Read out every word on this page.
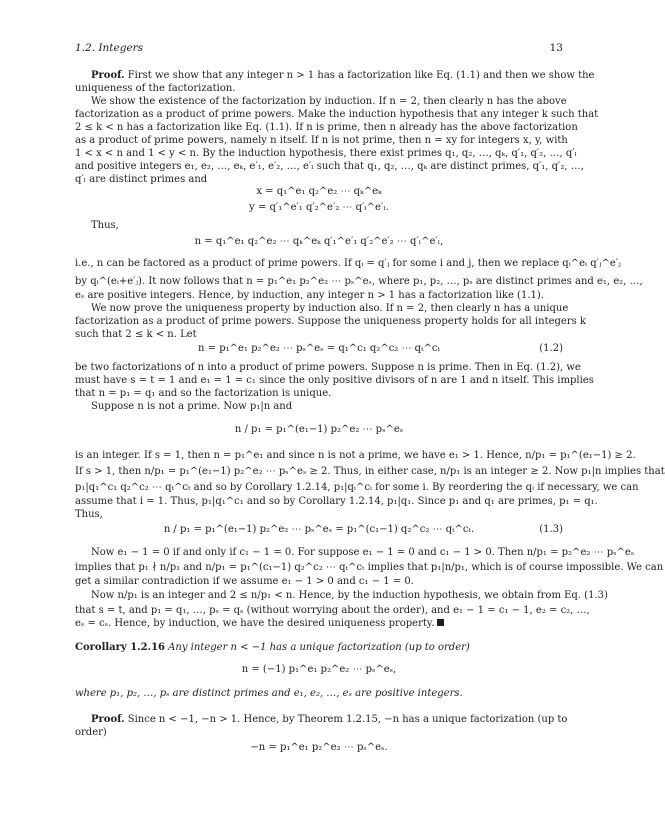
1.2. Integers	13
Proof. First we show that any integer n > 1 has a factorization like Eq. (1.1) and then we show the
uniqueness of the factorization.
We show the existence of the factorization by induction. If n = 2, then clearly n has the above
factorization as a product of prime powers. Make the induction hypothesis that any integer k such that
2 ≤ k < n has a factorization like Eq. (1.1). If n is prime, then n already has the above factorization
as a product of prime powers, namely n itself. If n is not prime, then n = xy for integers x, y, with
1 < x < n and 1 < y < n. By the induction hypothesis, there exist primes q₁, q₂, …, qₖ, q′₁, q′₂, …, q′ₗ
and positive integers e₁, e₂, …, eₖ, e′₁, e′₂, …, e′ₗ such that q₁, q₂, …, qₖ are distinct primes, q′₁, q′₂, …,
q′ₗ are distinct primes and
x = q₁^e₁ q₂^e₂ ⋯ qₖ^eₖ
y = q′₁^e′₁ q′₂^e′₂ ⋯ q′ₗ^e′ₗ.
Thus,
n = q₁^e₁ q₂^e₂ ⋯ qₖ^eₖ q′₁^e′₁ q′₂^e′₂ ⋯ q′ₗ^e′ₗ,
i.e., n can be factored as a product of prime powers. If qᵢ = q′ⱼ for some i and j, then we replace qᵢ^eᵢ q′ⱼ^e′ⱼ
by qᵢ^(eᵢ+e′ⱼ). It now follows that n = p₁^e₁ p₂^e₂ ⋯ pₛ^eₛ, where p₁, p₂, …, pₛ are distinct primes and e₁, e₂, …,
eₛ are positive integers. Hence, by induction, any integer n > 1 has a factorization like (1.1).
We now prove the uniqueness property by induction also. If n = 2, then clearly n has a unique
factorization as a product of prime powers. Suppose the uniqueness property holds for all integers k
such that 2 ≤ k < n. Let
n = p₁^e₁ p₂^e₂ ⋯ pₛ^eₛ = q₁^c₁ q₂^c₂ ⋯ qₜ^cₜ	(1.2)
be two factorizations of n into a product of prime powers. Suppose n is prime. Then in Eq. (1.2), we
must have s = t = 1 and e₁ = 1 = c₁ since the only positive divisors of n are 1 and n itself. This implies
that n = p₁ = q₁ and so the factorization is unique.
Suppose n is not a prime. Now p₁|n and
n / p₁ = p₁^(e₁−1) p₂^e₂ ⋯ pₛ^eₛ
is an integer. If s = 1, then n = p₁^e₁ and since n is not a prime, we have e₁ > 1. Hence, n/p₁ = p₁^(e₁−1) ≥ 2.
If s > 1, then n/p₁ = p₁^(e₁−1) p₂^e₂ ⋯ pₛ^eₛ ≥ 2. Thus, in either case, n/p₁ is an integer ≥ 2. Now p₁|n implies that
p₁|q₁^c₁ q₂^c₂ ⋯ qₜ^cₜ and so by Corollary 1.2.14, p₁|qᵢ^cᵢ for some i. By reordering the qᵢ if necessary, we can
assume that i = 1. Thus, p₁|q₁^c₁ and so by Corollary 1.2.14, p₁|q₁. Since p₁ and q₁ are primes, p₁ = q₁.
Thus,
n / p₁ = p₁^(e₁−1) p₂^e₂ ⋯ pₛ^eₛ = p₁^(c₁−1) q₂^c₂ ⋯ qₜ^cₜ.	(1.3)
Now e₁ − 1 = 0 if and only if c₁ − 1 = 0. For suppose e₁ − 1 = 0 and c₁ − 1 > 0. Then n/p₁ = p₂^e₂ ⋯ pₛ^eₛ
implies that p₁ ∤ n/p₁ and n/p₁ = p₁^(c₁−1) q₂^c₂ ⋯ qₜ^cₜ implies that p₁|n/p₁, which is of course impossible. We can
get a similar contradiction if we assume e₁ − 1 > 0 and c₁ − 1 = 0.
Now n/p₁ is an integer and 2 ≤ n/p₁ < n. Hence, by the induction hypothesis, we obtain from Eq. (1.3)
that s = t, and p₁ = q₁, …, pₛ = qₛ (without worrying about the order), and e₁ − 1 = c₁ − 1, e₂ = c₂, …,
eₛ = cₛ. Hence, by induction, we have the desired uniqueness property.
Corollary 1.2.16 Any integer n < −1 has a unique factorization (up to order)
n = (−1) p₁^e₁ p₂^e₂ ⋯ pₛ^eₛ,
where p₁, p₂, …, pₛ are distinct primes and e₁, e₂, …, eₛ are positive integers.
Proof. Since n < −1, −n > 1. Hence, by Theorem 1.2.15, −n has a unique factorization (up to
order)
−n = p₁^e₁ p₂^e₂ ⋯ pₛ^eₛ.
